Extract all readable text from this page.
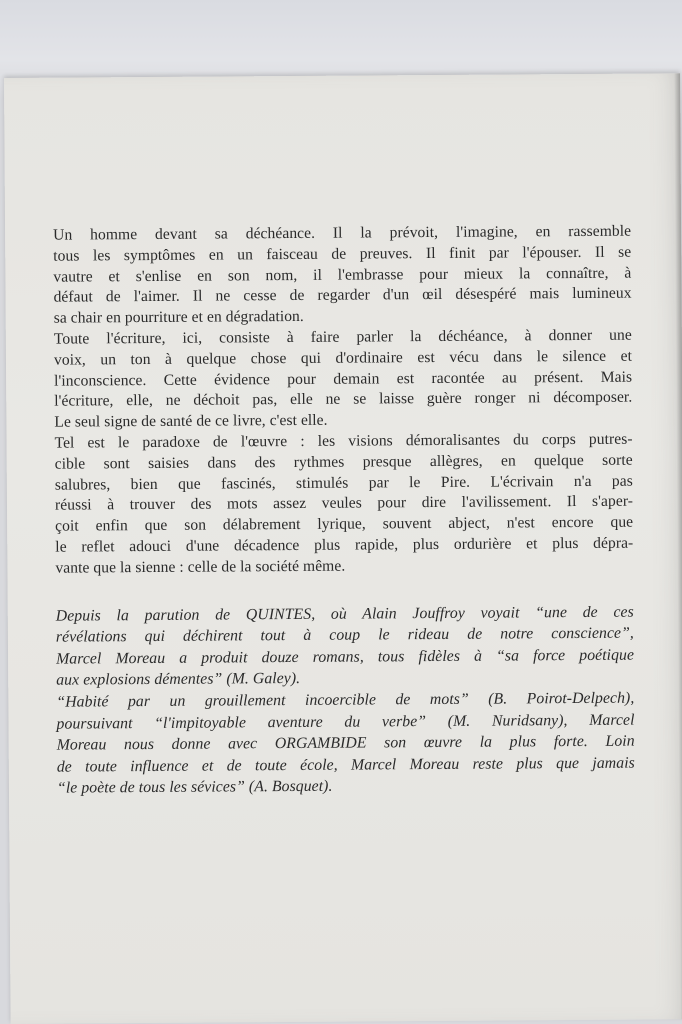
Un homme devant sa déchéance. Il la prévoit, l'imagine, en rassemble
tous les symptômes en un faisceau de preuves. Il finit par l'épouser. Il se
vautre et s'enlise en son nom, il l'embrasse pour mieux la connaître, à
défaut de l'aimer. Il ne cesse de regarder d'un œil désespéré mais lumineux
sa chair en pourriture et en dégradation.
Toute l'écriture, ici, consiste à faire parler la déchéance, à donner une
voix, un ton à quelque chose qui d'ordinaire est vécu dans le silence et
l'inconscience. Cette évidence pour demain est racontée au présent. Mais
l'écriture, elle, ne déchoit pas, elle ne se laisse guère ronger ni décomposer.
Le seul signe de santé de ce livre, c'est elle.
Tel est le paradoxe de l'œuvre : les visions démoralisantes du corps putres-
cible sont saisies dans des rythmes presque allègres, en quelque sorte
salubres, bien que fascinés, stimulés par le Pire. L'écrivain n'a pas
réussi à trouver des mots assez veules pour dire l'avilissement. Il s'aper-
çoit enfin que son délabrement lyrique, souvent abject, n'est encore que
le reflet adouci d'une décadence plus rapide, plus ordurière et plus dépra-
vante que la sienne : celle de la société même.
Depuis la parution de QUINTES, où Alain Jouffroy voyait “une de ces
révélations qui déchirent tout à coup le rideau de notre conscience”,
Marcel Moreau a produit douze romans, tous fidèles à “sa force poétique
aux explosions démentes” (M. Galey).
“Habité par un grouillement incoercible de mots” (B. Poirot-Delpech),
poursuivant “l'impitoyable aventure du verbe” (M. Nuridsany), Marcel
Moreau nous donne avec ORGAMBIDE son œuvre la plus forte. Loin
de toute influence et de toute école, Marcel Moreau reste plus que jamais
“le poète de tous les sévices” (A. Bosquet).
